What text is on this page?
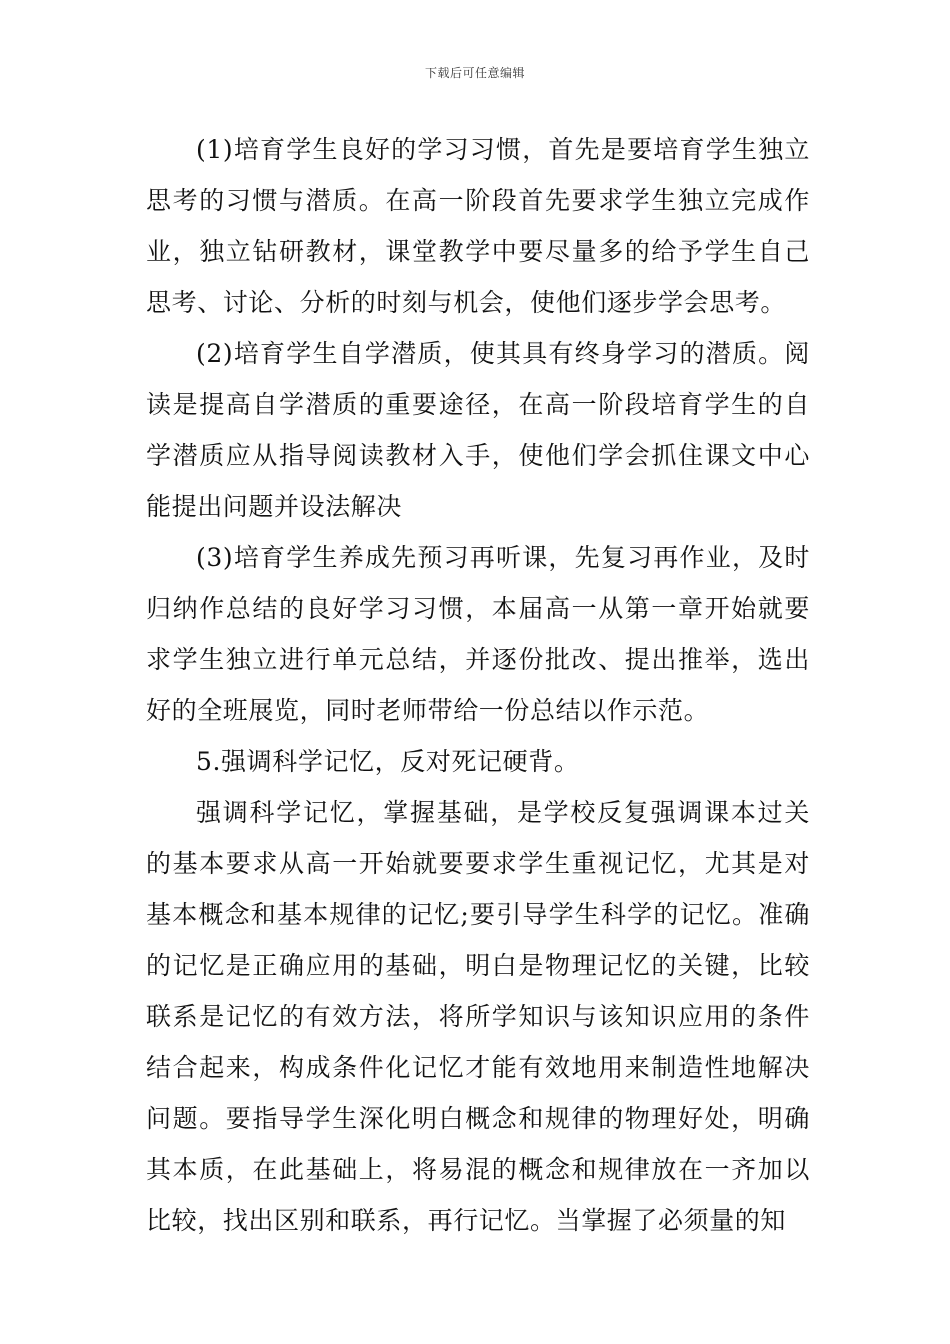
下载后可任意编辑

(1)培育学生良好的学习习惯，首先是要培育学生独立思考的习惯与潜质。在高一阶段首先要求学生独立完成作业，独立钻研教材，课堂教学中要尽量多的给予学生自己思考、讨论、分析的时刻与机会，使他们逐步学会思考。

(2)培育学生自学潜质，使其具有终身学习的潜质。阅读是提高自学潜质的重要途径，在高一阶段培育学生的自学潜质应从指导阅读教材入手，使他们学会抓住课文中心能提出问题并设法解决

(3)培育学生养成先预习再听课，先复习再作业，及时归纳作总结的良好学习习惯，本届高一从第一章开始就要求学生独立进行单元总结，并逐份批改、提出推举，选出好的全班展览，同时老师带给一份总结以作示范。

5.强调科学记忆，反对死记硬背。

强调科学记忆，掌握基础，是学校反复强调课本过关的基本要求从高一开始就要要求学生重视记忆，尤其是对基本概念和基本规律的记忆;要引导学生科学的记忆。准确的记忆是正确应用的基础，明白是物理记忆的关键，比较联系是记忆的有效方法，将所学知识与该知识应用的条件结合起来，构成条件化记忆才能有效地用来制造性地解决问题。要指导学生深化明白概念和规律的物理好处，明确其本质，在此基础上，将易混的概念和规律放在一齐加以比较，找出区别和联系，再行记忆。当掌握了必须量的知
